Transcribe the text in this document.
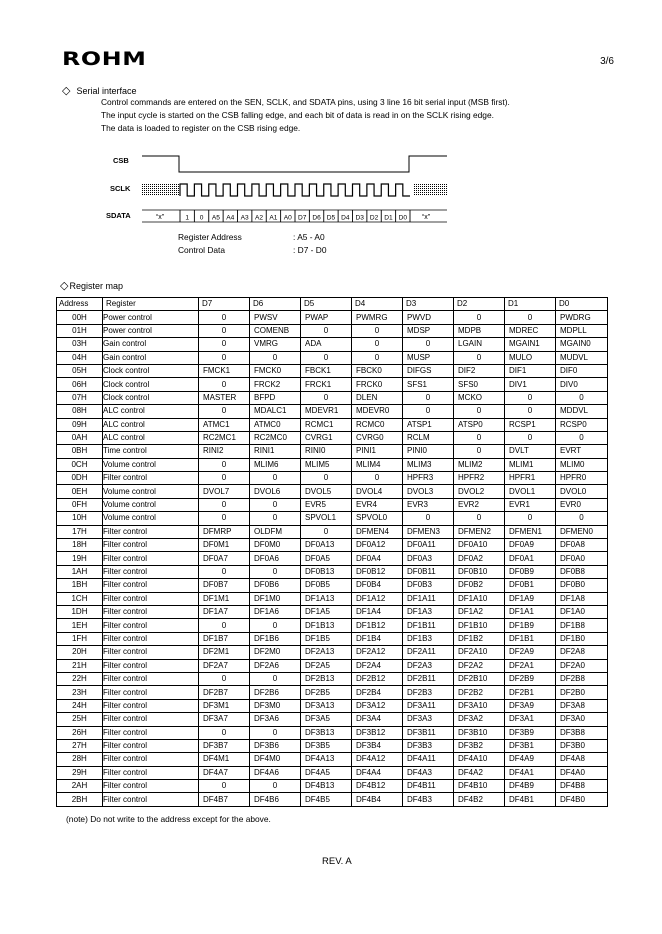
ROHM	3/6
◇ Serial interface
Control commands are entered on the SEN, SCLK, and SDATA pins, using 3 line 16 bit serial input (MSB first).
The input cycle is started on the CSB falling edge, and each bit of data is read in on the SCLK rising edge.
The data is loaded to register on the CSB rising edge.
CSB
SCLK
SDATA	“x”	“x”
1 0 A5 A4 A3 A2 A1 A0 D7 D6 D5 D4 D3 D2 D1 D0
Register Address	: A5 - A0
Control Data	: D7 - D0
◇Register map
Address	Register	D7	D6	D5	D4	D3	D2	D1	D0
00H	Power control	0	PWSV	PWAP	PWMRG	PWVD	0	0	PWDRG
01H	Power control	0	COMENB	0	0	MDSP	MDPB	MDREC	MDPLL
03H	Gain control	0	VMRG	ADA	0	0	LGAIN	MGAIN1	MGAIN0
04H	Gain control	0	0	0	0	MUSP	0	MULO	MUDVL
05H	Clock control	FMCK1	FMCK0	FBCK1	FBCK0	DIFGS	DIF2	DIF1	DIF0
06H	Clock control	0	FRCK2	FRCK1	FRCK0	SFS1	SFS0	DIV1	DIV0
07H	Clock control	MASTER	BFPD	0	DLEN	0	MCKO	0	0
08H	ALC control	0	MDALC1	MDEVR1	MDEVR0	0	0	0	MDDVL
09H	ALC control	ATMC1	ATMC0	RCMC1	RCMC0	ATSP1	ATSP0	RCSP1	RCSP0
0AH	ALC control	RC2MC1	RC2MC0	CVRG1	CVRG0	RCLM	0	0	0
0BH	Time control	RINI2	RINI1	RINI0	PINI1	PINI0	0	DVLT	EVRT
0CH	Volume control	0	MLIM6	MLIM5	MLIM4	MLIM3	MLIM2	MLIM1	MLIM0
0DH	Filter control	0	0	0	0	HPFR3	HPFR2	HPFR1	HPFR0
0EH	Volume control	DVOL7	DVOL6	DVOL5	DVOL4	DVOL3	DVOL2	DVOL1	DVOL0
0FH	Volume control	0	0	EVR5	EVR4	EVR3	EVR2	EVR1	EVR0
10H	Volume control	0	0	SPVOL1	SPVOL0	0	0	0	0
17H	Filter control	DFMRP	OLDFM	0	DFMEN4	DFMEN3	DFMEN2	DFMEN1	DFMEN0
18H	Filter control	DF0M1	DF0M0	DF0A13	DF0A12	DF0A11	DF0A10	DF0A9	DF0A8
19H	Filter control	DF0A7	DF0A6	DF0A5	DF0A4	DF0A3	DF0A2	DF0A1	DF0A0
1AH	Filter control	0	0	DF0B13	DF0B12	DF0B11	DF0B10	DF0B9	DF0B8
1BH	Filter control	DF0B7	DF0B6	DF0B5	DF0B4	DF0B3	DF0B2	DF0B1	DF0B0
1CH	Filter control	DF1M1	DF1M0	DF1A13	DF1A12	DF1A11	DF1A10	DF1A9	DF1A8
1DH	Filter control	DF1A7	DF1A6	DF1A5	DF1A4	DF1A3	DF1A2	DF1A1	DF1A0
1EH	Filter control	0	0	DF1B13	DF1B12	DF1B11	DF1B10	DF1B9	DF1B8
1FH	Filter control	DF1B7	DF1B6	DF1B5	DF1B4	DF1B3	DF1B2	DF1B1	DF1B0
20H	Filter control	DF2M1	DF2M0	DF2A13	DF2A12	DF2A11	DF2A10	DF2A9	DF2A8
21H	Filter control	DF2A7	DF2A6	DF2A5	DF2A4	DF2A3	DF2A2	DF2A1	DF2A0
22H	Filter control	0	0	DF2B13	DF2B12	DF2B11	DF2B10	DF2B9	DF2B8
23H	Filter control	DF2B7	DF2B6	DF2B5	DF2B4	DF2B3	DF2B2	DF2B1	DF2B0
24H	Filter control	DF3M1	DF3M0	DF3A13	DF3A12	DF3A11	DF3A10	DF3A9	DF3A8
25H	Filter control	DF3A7	DF3A6	DF3A5	DF3A4	DF3A3	DF3A2	DF3A1	DF3A0
26H	Filter control	0	0	DF3B13	DF3B12	DF3B11	DF3B10	DF3B9	DF3B8
27H	Filter control	DF3B7	DF3B6	DF3B5	DF3B4	DF3B3	DF3B2	DF3B1	DF3B0
28H	Filter control	DF4M1	DF4M0	DF4A13	DF4A12	DF4A11	DF4A10	DF4A9	DF4A8
29H	Filter control	DF4A7	DF4A6	DF4A5	DF4A4	DF4A3	DF4A2	DF4A1	DF4A0
2AH	Filter control	0	0	DF4B13	DF4B12	DF4B11	DF4B10	DF4B9	DF4B8
2BH	Filter control	DF4B7	DF4B6	DF4B5	DF4B4	DF4B3	DF4B2	DF4B1	DF4B0
(note) Do not write to the address except for the above.
REV. A
